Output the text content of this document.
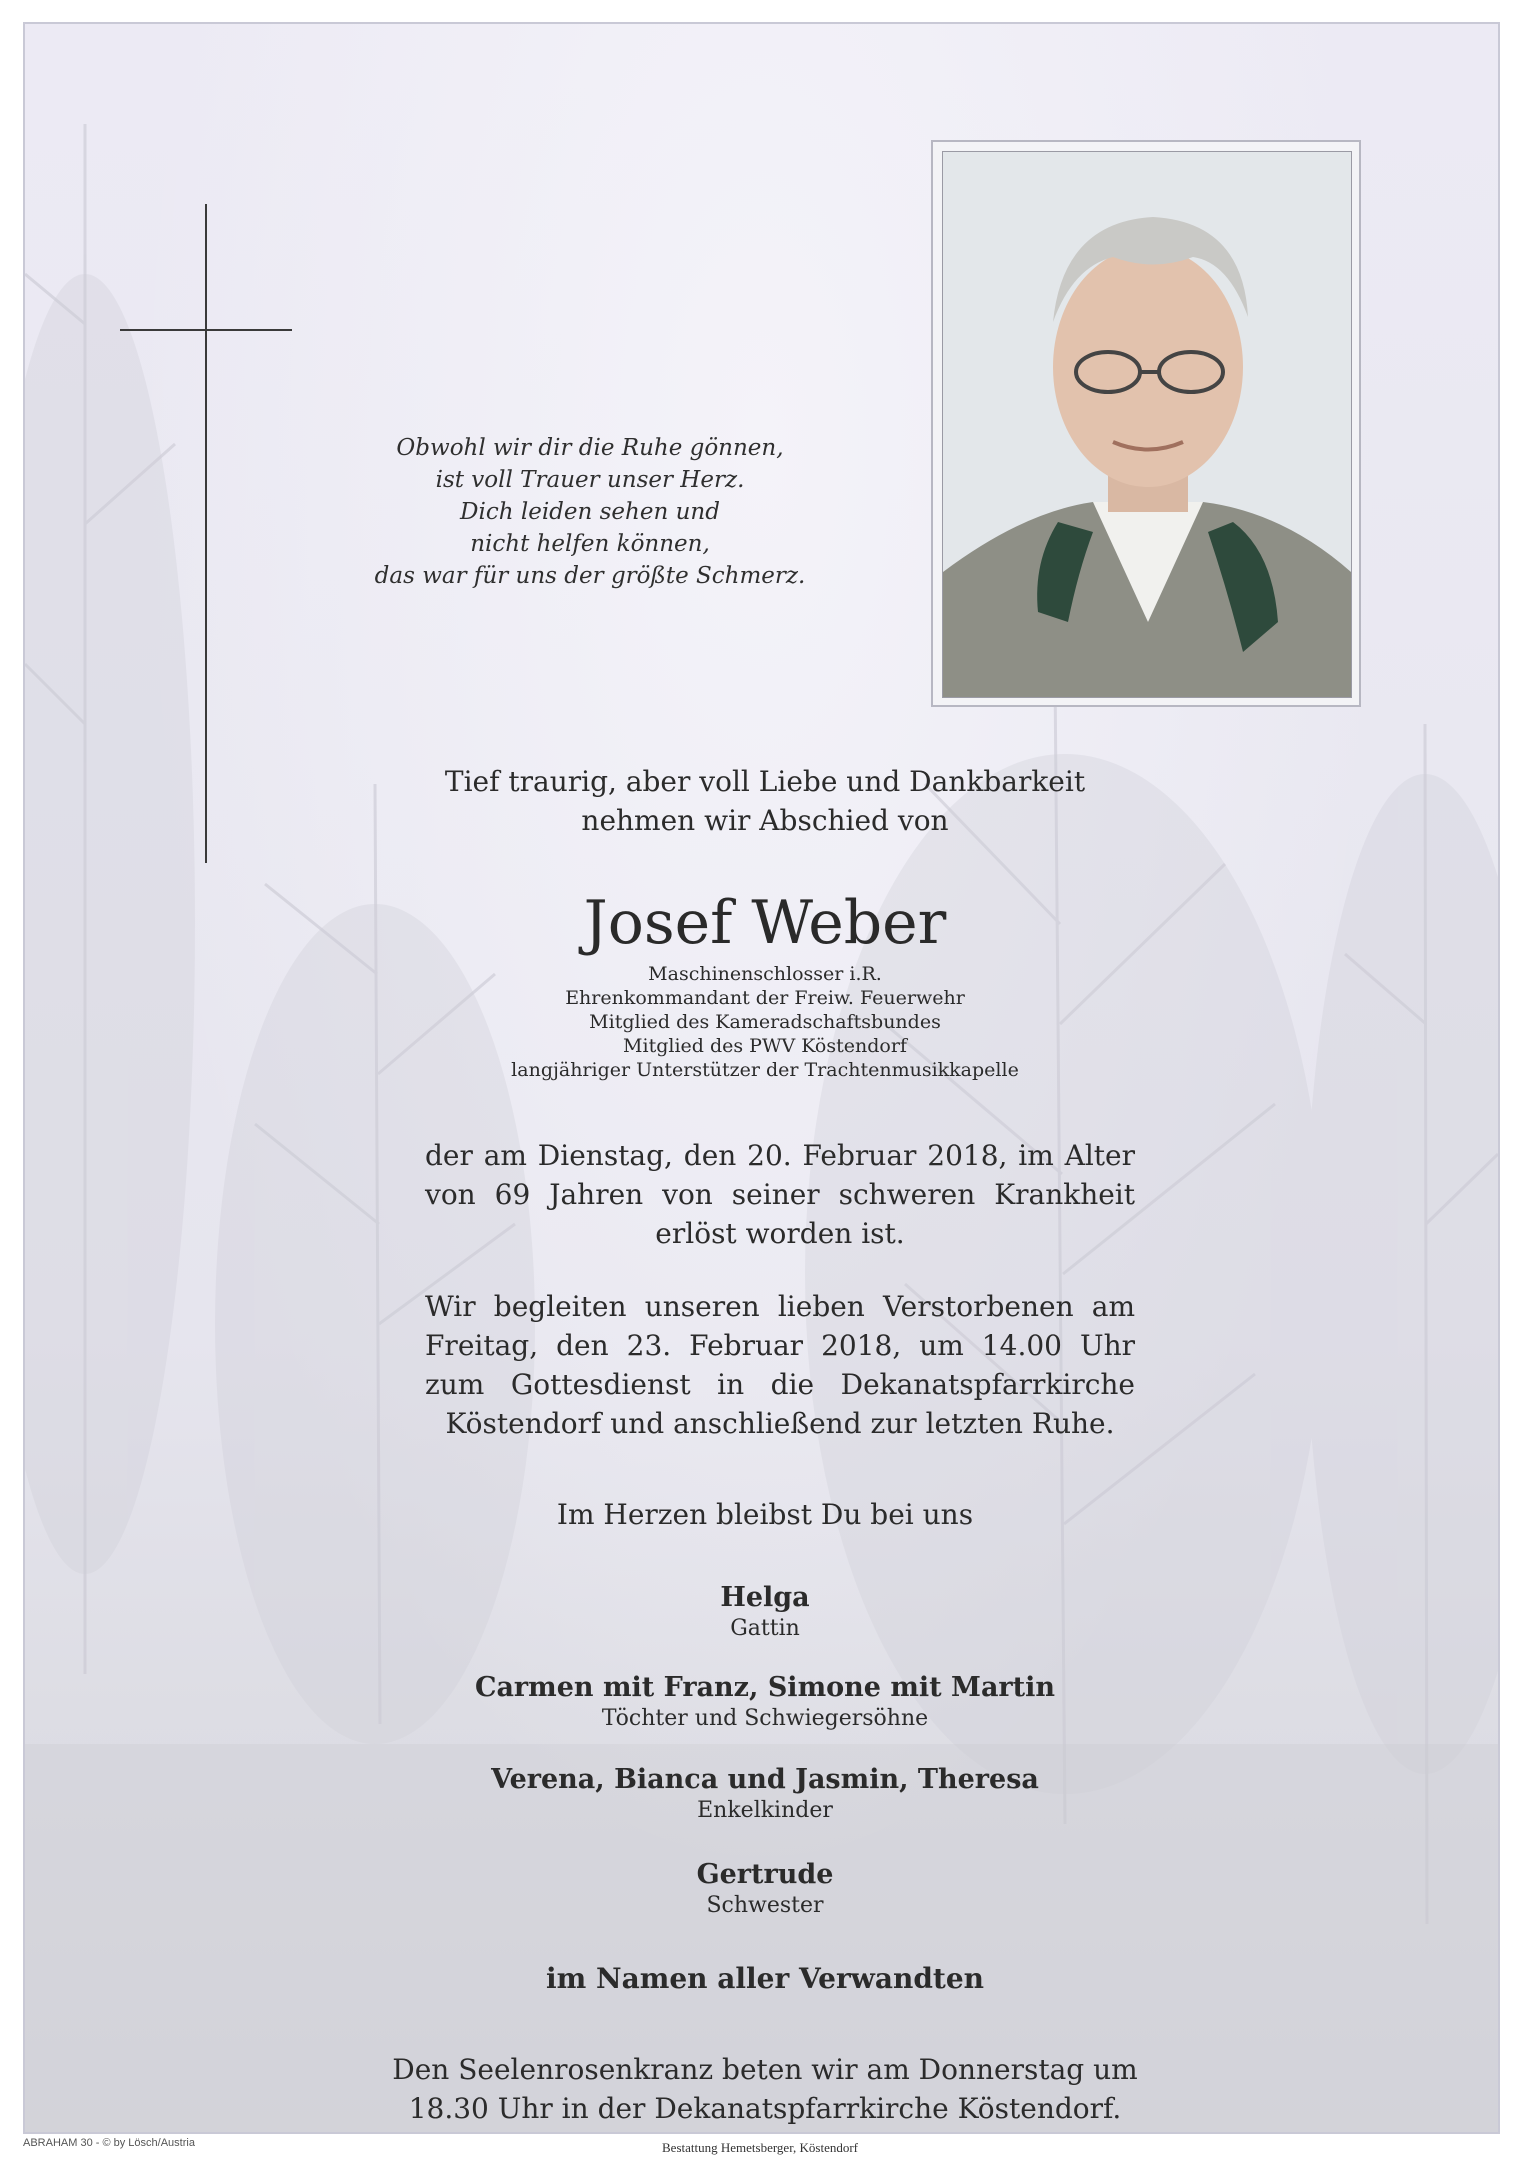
Obwohl wir dir die Ruhe gönnen,
ist voll Trauer unser Herz.
Dich leiden sehen und
nicht helfen können,
das war für uns der größte Schmerz.
Tief traurig, aber voll Liebe und Dankbarkeit
nehmen wir Abschied von
Josef Weber
Maschinenschlosser i.R.
Ehrenkommandant der Freiw. Feuerwehr
Mitglied des Kameradschaftsbundes
Mitglied des PWV Köstendorf
langjähriger Unterstützer der Trachtenmusikkapelle
der am Dienstag, den 20. Februar 2018, im Alter von 69 Jahren von seiner schweren Krankheit erlöst worden ist.
Wir begleiten unseren lieben Verstorbenen am Freitag, den 23. Februar 2018, um 14.00 Uhr zum Gottesdienst in die Dekanatspfarrkirche Köstendorf und anschließend zur letzten Ruhe.
Im Herzen bleibst Du bei uns
Helga
Gattin
Carmen mit Franz, Simone mit Martin
Töchter und Schwiegersöhne
Verena, Bianca und Jasmin, Theresa
Enkelkinder
Gertrude
Schwester
im Namen aller Verwandten
Den Seelenrosenkranz beten wir am Donnerstag um
18.30 Uhr in der Dekanatspfarrkirche Köstendorf.
ABRAHAM 30 - © by Lösch/Austria	Bestattung Hemetsberger, Köstendorf
